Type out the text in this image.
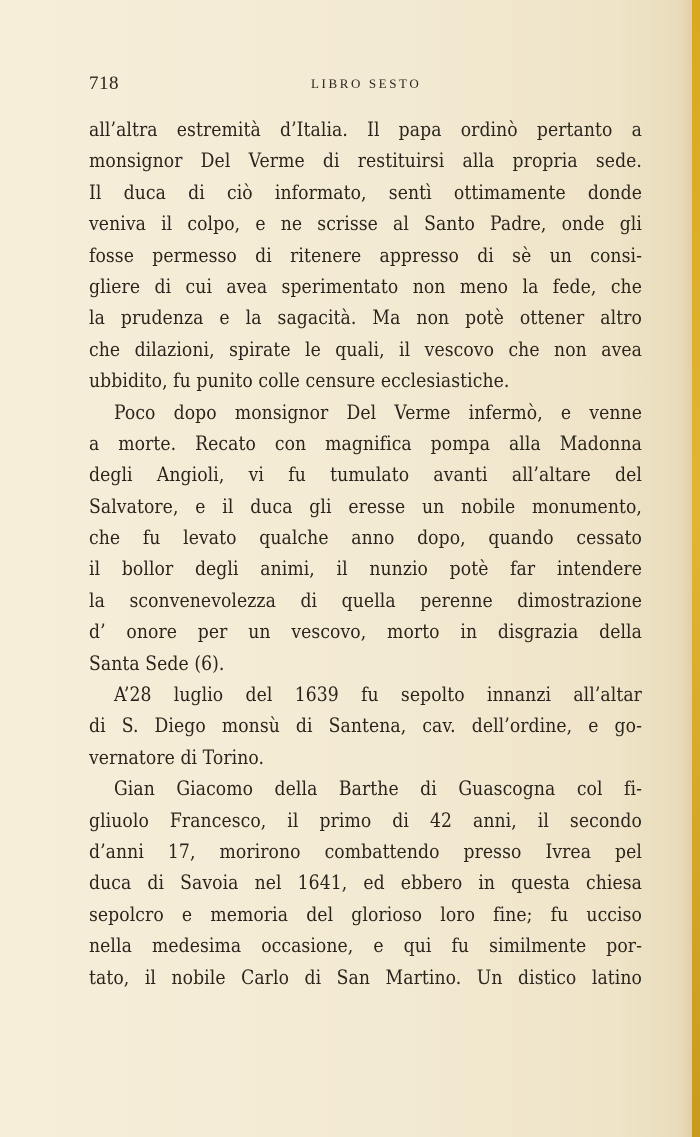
718	LIBRO SESTO
all’altra estremità d’Italia. Il papa ordinò pertanto a
monsignor Del Verme di restituirsi alla propria sede.
Il duca di ciò informato, sentì ottimamente donde
veniva il colpo, e ne scrisse al Santo Padre, onde gli
fosse permesso di ritenere appresso di sè un consi-
gliere di cui avea sperimentato non meno la fede, che
la prudenza e la sagacità. Ma non potè ottener altro
che dilazioni, spirate le quali, il vescovo che non avea
ubbidito, fu punito colle censure ecclesiastiche.
Poco dopo monsignor Del Verme infermò, e venne
a morte. Recato con magnifica pompa alla Madonna
degli Angioli, vi fu tumulato avanti all’altare del
Salvatore, e il duca gli eresse un nobile monumento,
che fu levato qualche anno dopo, quando cessato
il bollor degli animi, il nunzio potè far intendere
la sconvenevolezza di quella perenne dimostrazione
d’ onore per un vescovo, morto in disgrazia della
Santa Sede (6).
A’28 luglio del 1639 fu sepolto innanzi all’altar
di S. Diego monsù di Santena, cav. dell’ordine, e go-
vernatore di Torino.
Gian Giacomo della Barthe di Guascogna col fi-
gliuolo Francesco, il primo di 42 anni, il secondo
d’anni 17, morirono combattendo presso Ivrea pel
duca di Savoia nel 1641, ed ebbero in questa chiesa
sepolcro e memoria del glorioso loro fine; fu ucciso
nella medesima occasione, e qui fu similmente por-
tato, il nobile Carlo di San Martino. Un distico latino
